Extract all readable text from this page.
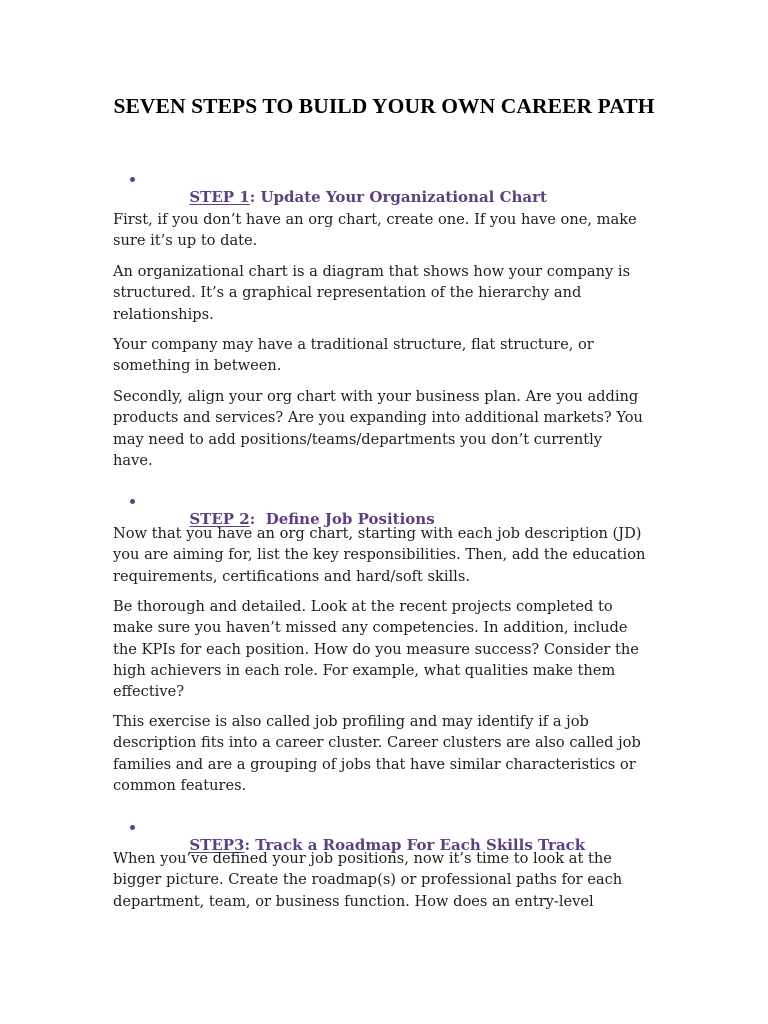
SEVEN STEPS TO BUILD YOUR OWN CAREER PATH

STEP 1: Update Your Organizational Chart

First, if you don’t have an org chart, create one. If you have one, make
sure it’s up to date.
An organizational chart is a diagram that shows how your company is
structured. It’s a graphical representation of the hierarchy and
relationships.
Your company may have a traditional structure, flat structure, or
something in between.
Secondly, align your org chart with your business plan. Are you adding
products and services? Are you expanding into additional markets? You
may need to add positions/teams/departments you don’t currently
have.

STEP 2:  Define Job Positions

Now that you have an org chart, starting with each job description (JD)
you are aiming for, list the key responsibilities. Then, add the education
requirements, certifications and hard/soft skills.
Be thorough and detailed. Look at the recent projects completed to
make sure you haven’t missed any competencies. In addition, include
the KPIs for each position. How do you measure success? Consider the
high achievers in each role. For example, what qualities make them
effective?
This exercise is also called job profiling and may identify if a job
description fits into a career cluster. Career clusters are also called job
families and are a grouping of jobs that have similar characteristics or
common features.

STEP3: Track a Roadmap For Each Skills Track

When you’ve defined your job positions, now it’s time to look at the
bigger picture. Create the roadmap(s) or professional paths for each
department, team, or business function. How does an entry-level
